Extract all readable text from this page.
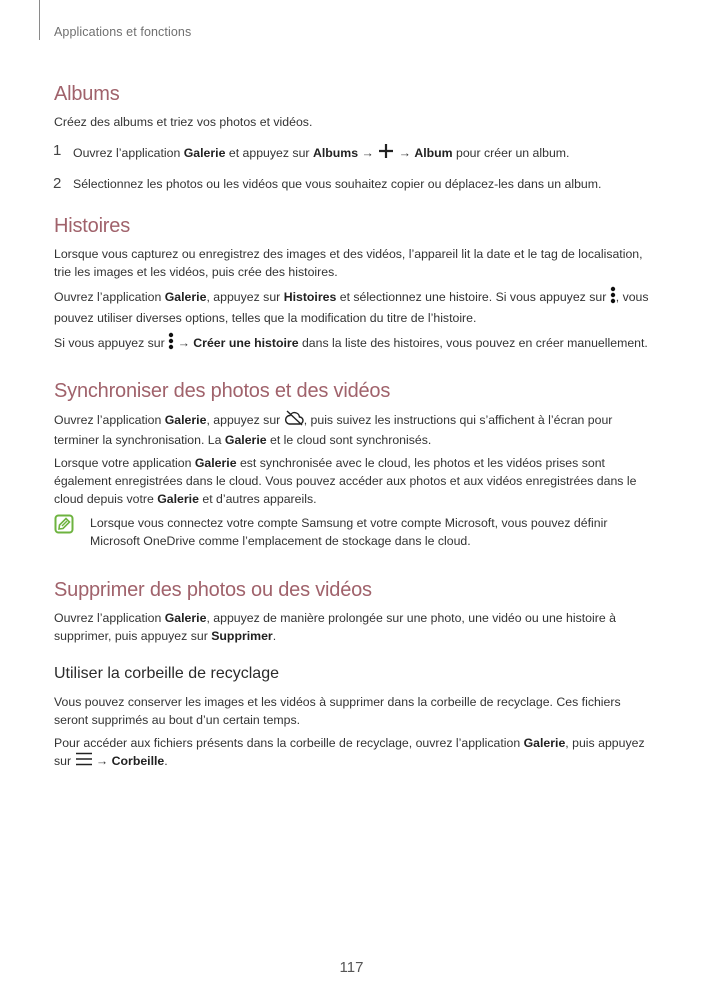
Applications et fonctions
Albums

Créez des albums et triez vos photos et vidéos.

1 Ouvrez l’application Galerie et appuyez sur Albums →  → Album pour créer un album.
2 Sélectionnez les photos ou les vidéos que vous souhaitez copier ou déplacez-les dans un album.
Histoires

Lorsque vous capturez ou enregistrez des images et des vidéos, l’appareil lit la date et le tag de localisation, trie les images et les vidéos, puis crée des histoires.

Ouvrez l’application Galerie, appuyez sur Histoires et sélectionnez une histoire. Si vous appuyez sur , vous pouvez utiliser diverses options, telles que la modification du titre de l’histoire.

Si vous appuyez sur  → Créer une histoire dans la liste des histoires, vous pouvez en créer manuellement.

Synchroniser des photos et des vidéos

Ouvrez l’application Galerie, appuyez sur , puis suivez les instructions qui s’affichent à l’écran pour terminer la synchronisation. La Galerie et le cloud sont synchronisés.

Lorsque votre application Galerie est synchronisée avec le cloud, les photos et les vidéos prises sont également enregistrées dans le cloud. Vous pouvez accéder aux photos et aux vidéos enregistrées dans le cloud depuis votre Galerie et d’autres appareils.

Lorsque vous connectez votre compte Samsung et votre compte Microsoft, vous pouvez définir Microsoft OneDrive comme l’emplacement de stockage dans le cloud.

Supprimer des photos ou des vidéos

Ouvrez l’application Galerie, appuyez de manière prolongée sur une photo, une vidéo ou une histoire à supprimer, puis appuyez sur Supprimer.

Utiliser la corbeille de recyclage

Vous pouvez conserver les images et les vidéos à supprimer dans la corbeille de recyclage. Ces fichiers seront supprimés au bout d’un certain temps.

Pour accéder aux fichiers présents dans la corbeille de recyclage, ouvrez l’application Galerie, puis appuyez sur  → Corbeille.

117
